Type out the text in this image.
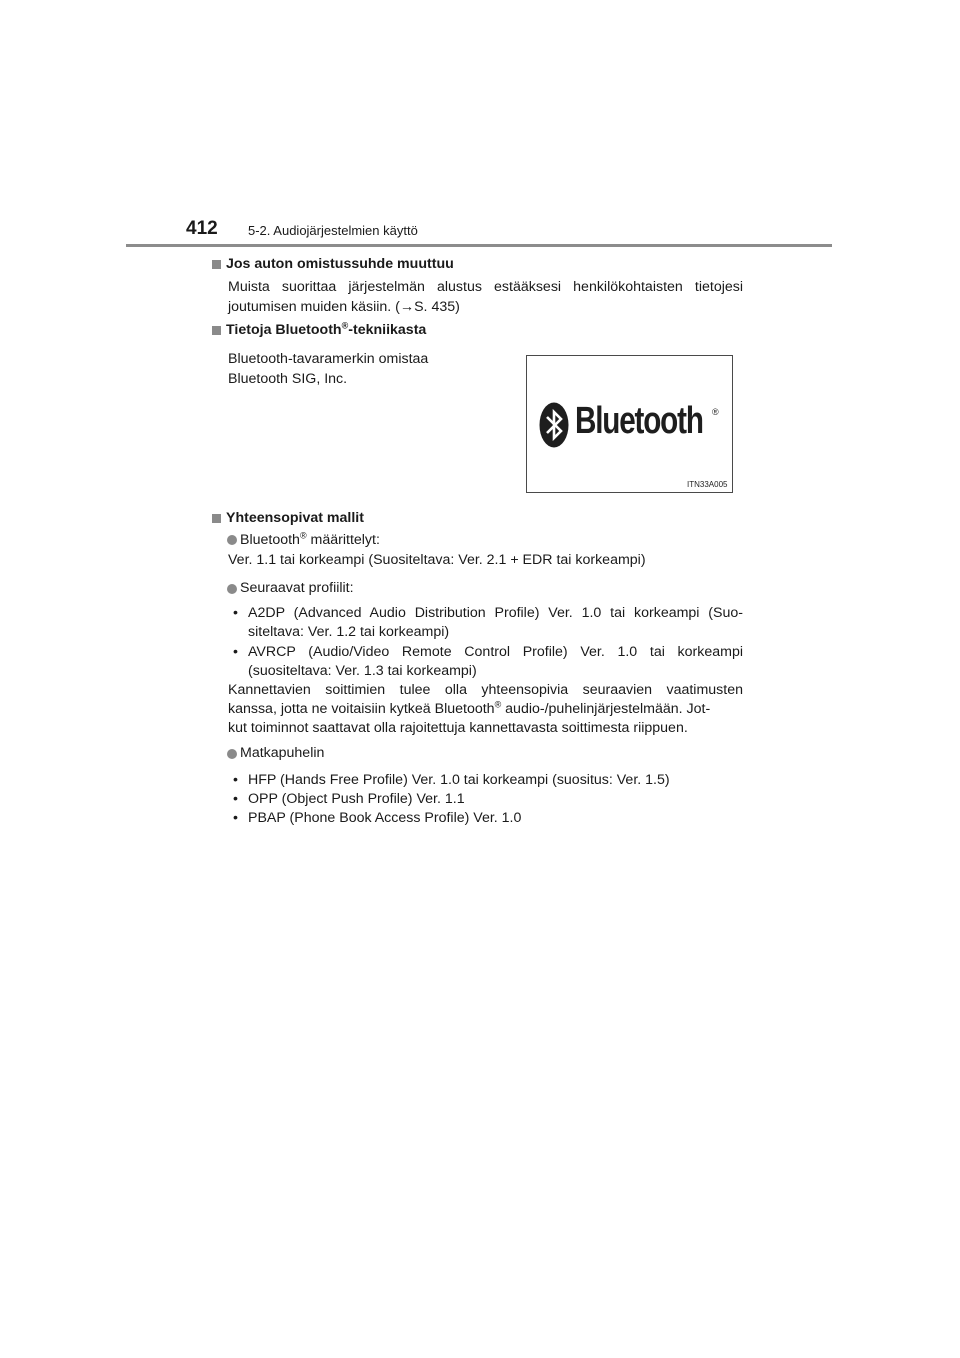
412 5-2. Audiojärjestelmien käyttö
Jos auton omistussuhde muuttuu
Muista suorittaa järjestelmän alustus estääksesi henkilökohtaisten tietojesi
joutumisen muiden käsiin. (→S. 435)
Tietoja Bluetooth®-tekniikasta
Bluetooth-tavaramerkin omistaa
Bluetooth SIG, Inc.
Bluetooth ®
ITN33A005
Yhteensopivat mallit
Bluetooth® määrittelyt:
Ver. 1.1 tai korkeampi (Suositeltava: Ver. 2.1 + EDR tai korkeampi)
Seuraavat profiilit:
• A2DP (Advanced Audio Distribution Profile) Ver. 1.0 tai korkeampi (Suo-
siteltava: Ver. 1.2 tai korkeampi)
• AVRCP (Audio/Video Remote Control Profile) Ver. 1.0 tai korkeampi
(suositeltava: Ver. 1.3 tai korkeampi)
Kannettavien soittimien tulee olla yhteensopivia seuraavien vaatimusten
kanssa, jotta ne voitaisiin kytkeä Bluetooth® audio-/puhelinjärjestelmään. Jot-
kut toiminnot saattavat olla rajoitettuja kannettavasta soittimesta riippuen.
Matkapuhelin
• HFP (Hands Free Profile) Ver. 1.0 tai korkeampi (suositus: Ver. 1.5)
• OPP (Object Push Profile) Ver. 1.1
• PBAP (Phone Book Access Profile) Ver. 1.0
